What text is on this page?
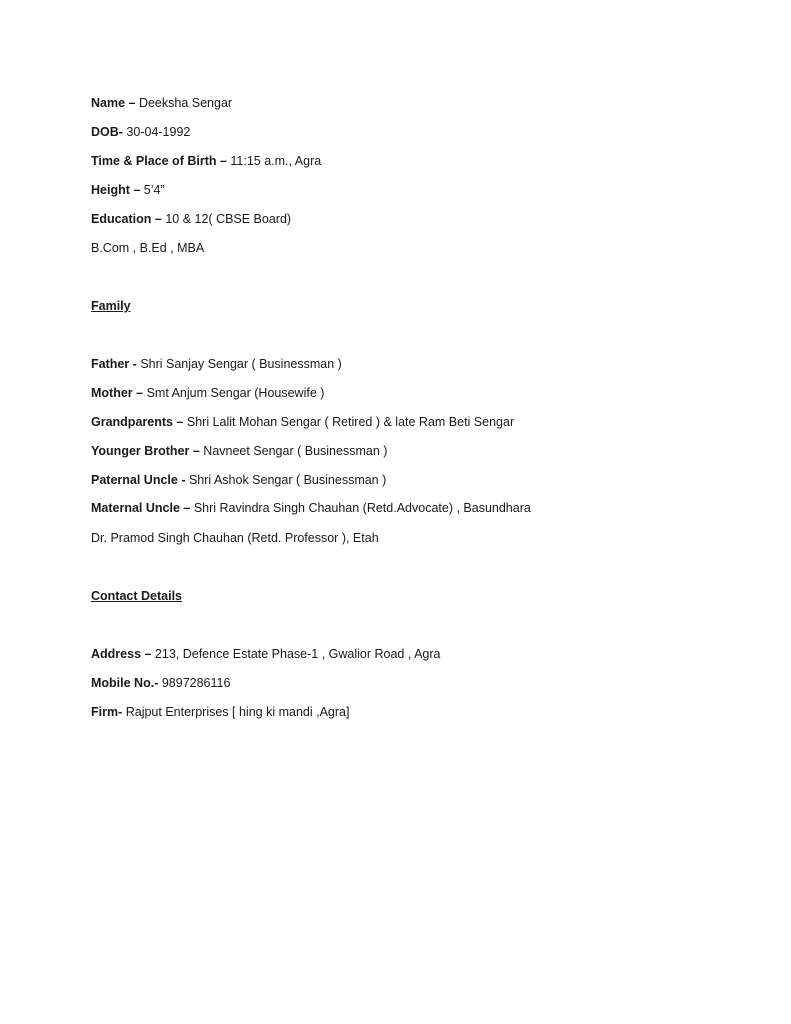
Name – Deeksha Sengar
DOB- 30-04-1992
Time & Place of Birth – 11:15 a.m., Agra
Height – 5’4”
Education – 10 & 12( CBSE Board)
B.Com , B.Ed , MBA
Family
Father - Shri Sanjay Sengar ( Businessman )
Mother – Smt Anjum Sengar (Housewife )
Grandparents – Shri Lalit Mohan Sengar ( Retired ) & late Ram Beti Sengar
Younger Brother – Navneet Sengar ( Businessman )
Paternal Uncle - Shri Ashok Sengar ( Businessman )
Maternal Uncle – Shri Ravindra Singh Chauhan (Retd.Advocate) , Basundhara
Dr. Pramod Singh Chauhan (Retd. Professor ), Etah
Contact Details
Address – 213, Defence Estate Phase-1 , Gwalior Road , Agra
Mobile No.- 9897286116
Firm- Rajput Enterprises [ hing ki mandi ,Agra]
